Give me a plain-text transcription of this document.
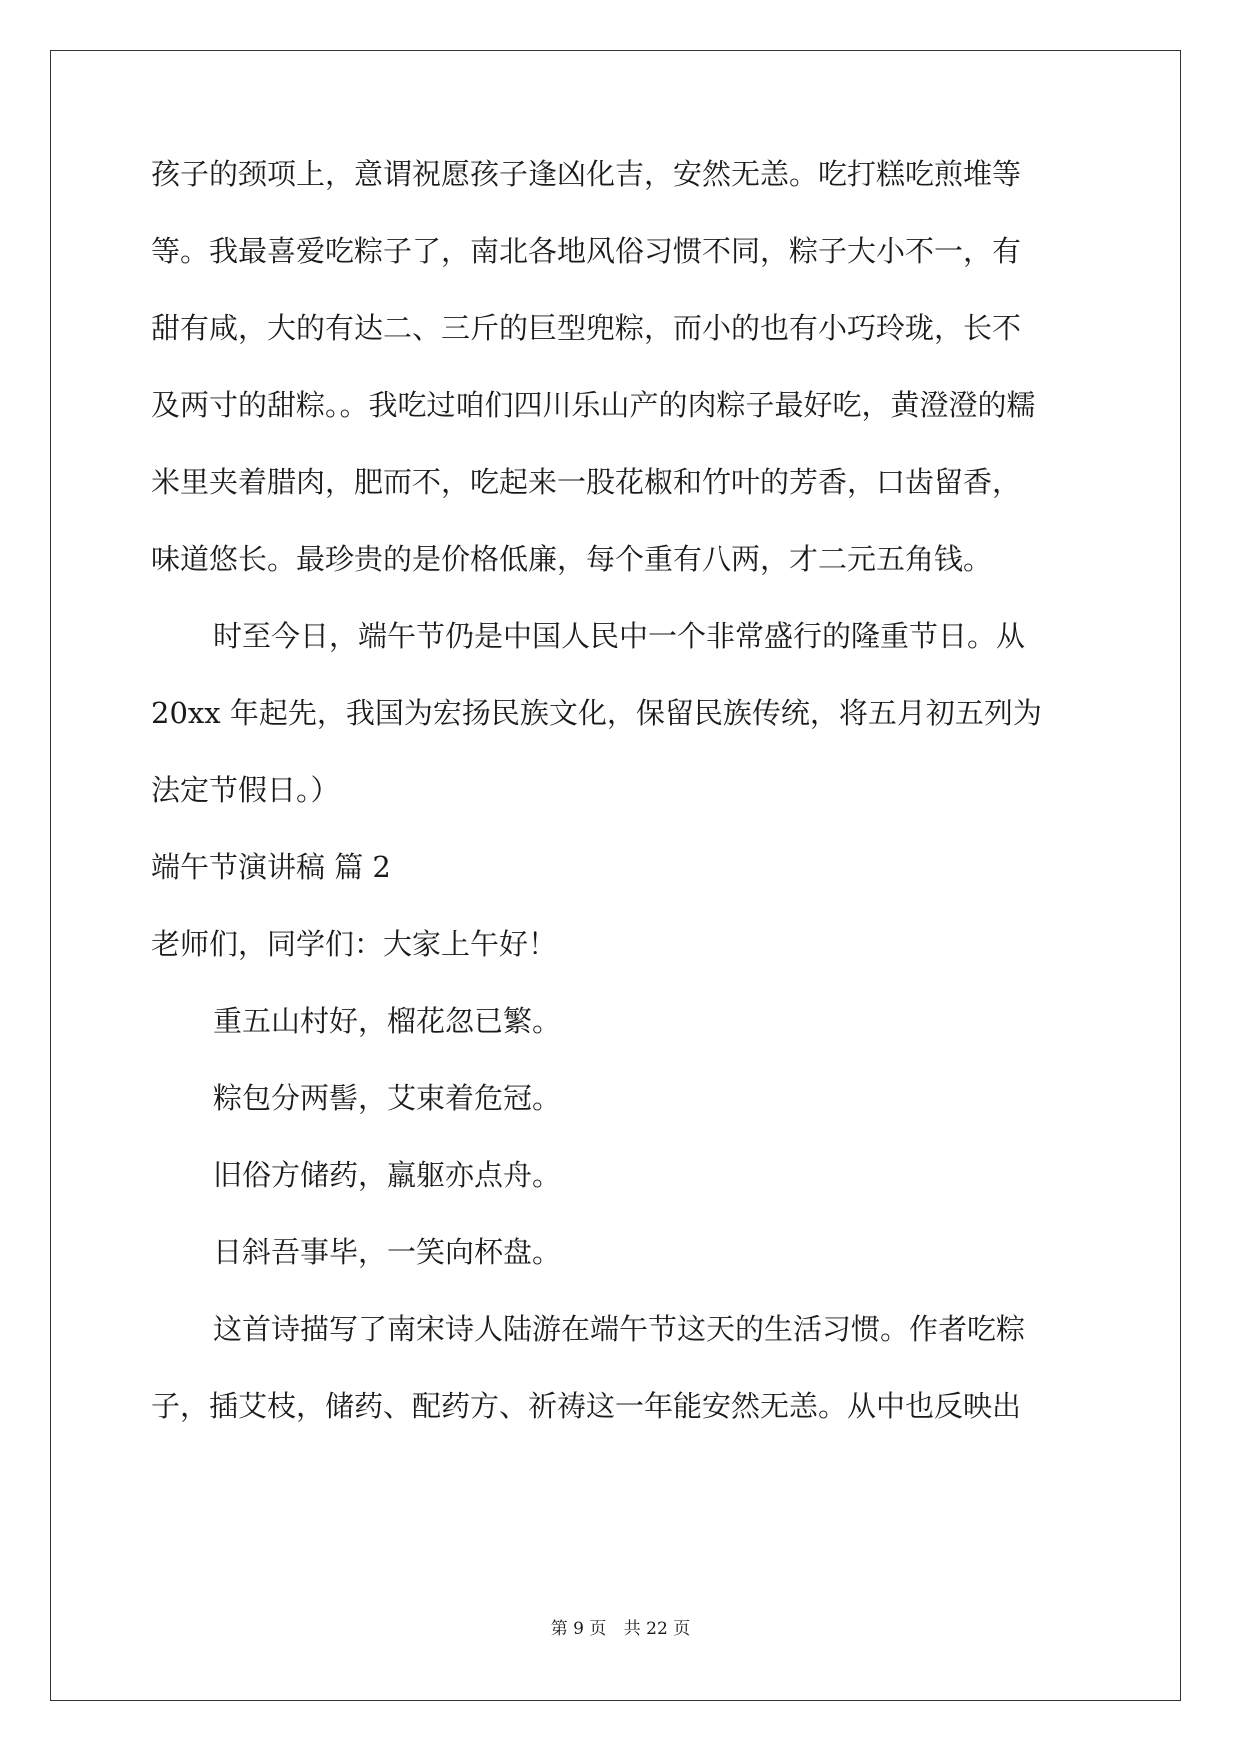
孩子的颈项上，意谓祝愿孩子逢凶化吉，安然无恙。吃打糕吃煎堆等

等。我最喜爱吃粽子了，南北各地风俗习惯不同，粽子大小不一，有

甜有咸，大的有达二、三斤的巨型兜粽，而小的也有小巧玲珑，长不

及两寸的甜粽。。我吃过咱们四川乐山产的肉粽子最好吃，黄澄澄的糯

米里夹着腊肉，肥而不，吃起来一股花椒和竹叶的芳香，口齿留香，

味道悠长。最珍贵的是价格低廉，每个重有八两，才二元五角钱。

时至今日，端午节仍是中国人民中一个非常盛行的隆重节日。从

20xx 年起先，我国为宏扬民族文化，保留民族传统，将五月初五列为

法定节假日。）

端午节演讲稿 篇 2

老师们，同学们：大家上午好！

重五山村好，榴花忽已繁。

粽包分两髻，艾束着危冠。

旧俗方储药，羸躯亦点舟。

日斜吾事毕，一笑向杯盘。

这首诗描写了南宋诗人陆游在端午节这天的生活习惯。作者吃粽

子，插艾枝，储药、配药方、祈祷这一年能安然无恙。从中也反映出

第 9 页 共 22 页
